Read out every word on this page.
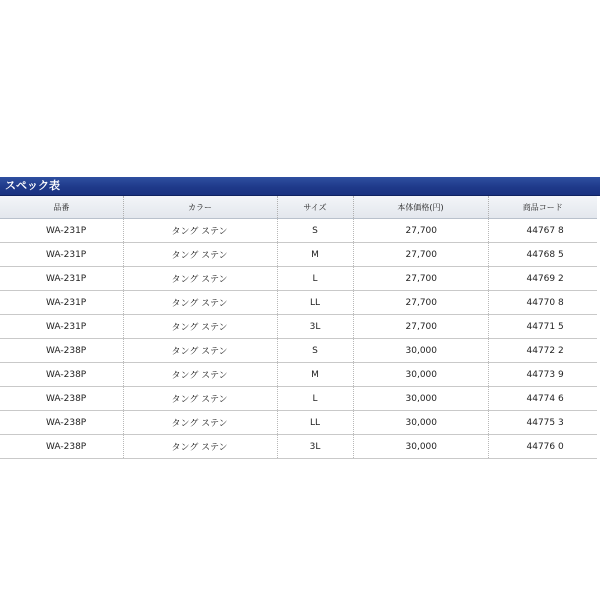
スペック表
品番	カラー	サイズ	本体価格(円)	商品コード
WA-231P	タング ステン	S	27,700	44767 8
WA-231P	タング ステン	M	27,700	44768 5
WA-231P	タング ステン	L	27,700	44769 2
WA-231P	タング ステン	LL	27,700	44770 8
WA-231P	タング ステン	3L	27,700	44771 5
WA-238P	タング ステン	S	30,000	44772 2
WA-238P	タング ステン	M	30,000	44773 9
WA-238P	タング ステン	L	30,000	44774 6
WA-238P	タング ステン	LL	30,000	44775 3
WA-238P	タング ステン	3L	30,000	44776 0
